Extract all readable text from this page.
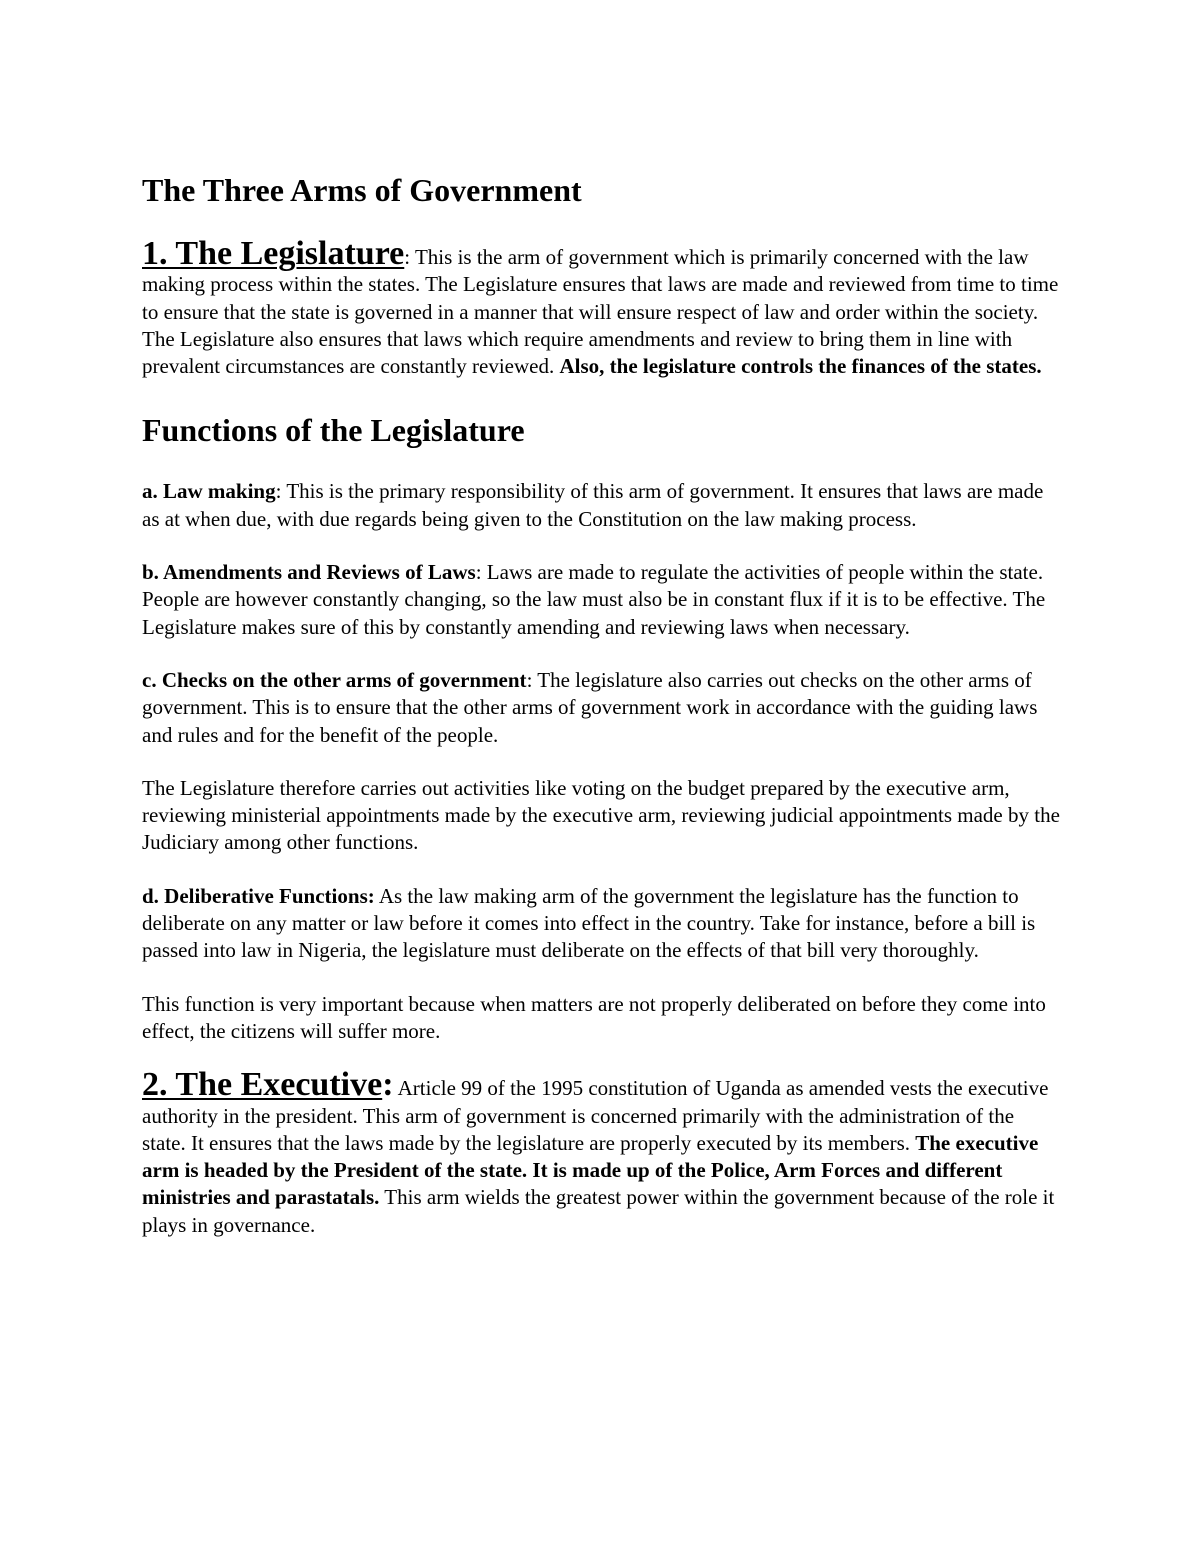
The Three Arms of Government

1. The Legislature: This is the arm of government which is primarily concerned with the law making process within the states. The Legislature ensures that laws are made and reviewed from time to time to ensure that the state is governed in a manner that will ensure respect of law and order within the society. The Legislature also ensures that laws which require amendments and review to bring them in line with prevalent circumstances are constantly reviewed. Also, the legislature controls the finances of the states.

Functions of the Legislature

a. Law making: This is the primary responsibility of this arm of government. It ensures that laws are made as at when due, with due regards being given to the Constitution on the law making process.

b. Amendments and Reviews of Laws: Laws are made to regulate the activities of people within the state. People are however constantly changing, so the law must also be in constant flux if it is to be effective. The Legislature makes sure of this by constantly amending and reviewing laws when necessary.

c. Checks on the other arms of government: The legislature also carries out checks on the other arms of government. This is to ensure that the other arms of government work in accordance with the guiding laws and rules and for the benefit of the people.

The Legislature therefore carries out activities like voting on the budget prepared by the executive arm, reviewing ministerial appointments made by the executive arm, reviewing judicial appointments made by the Judiciary among other functions.

d. Deliberative Functions: As the law making arm of the government the legislature has the function to deliberate on any matter or law before it comes into effect in the country. Take for instance, before a bill is passed into law in Nigeria, the legislature must deliberate on the effects of that bill very thoroughly.

This function is very important because when matters are not properly deliberated on before they come into effect, the citizens will suffer more.

2. The Executive: Article 99 of the 1995 constitution of Uganda as amended vests the executive authority in the president. This arm of government is concerned primarily with the administration of the state. It ensures that the laws made by the legislature are properly executed by its members. The executive arm is headed by the President of the state. It is made up of the Police, Arm Forces and different ministries and parastatals. This arm wields the greatest power within the government because of the role it plays in governance.
